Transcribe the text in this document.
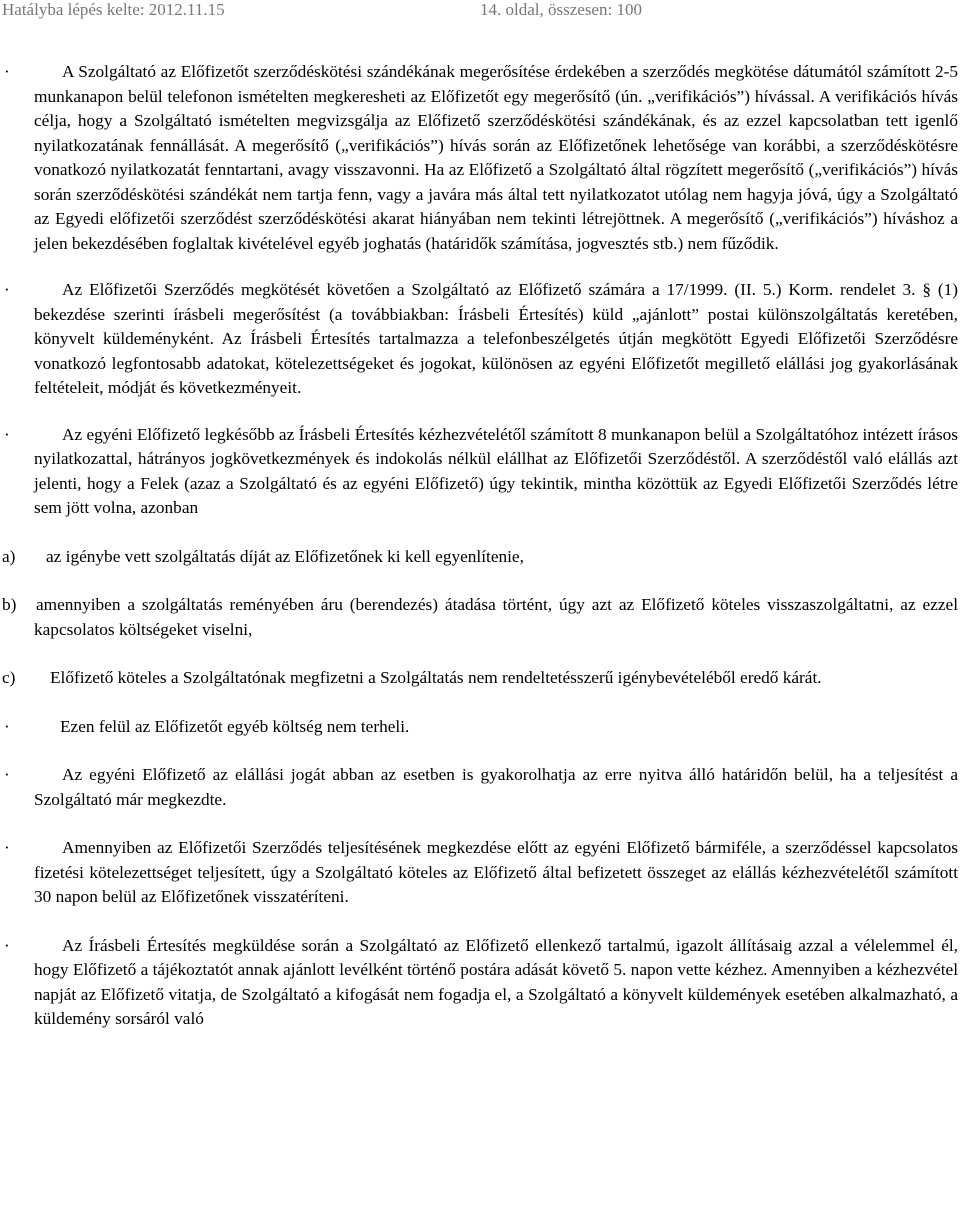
Hatályba lépés kelte: 2012.11.15	14. oldal, összesen: 100

·	A Szolgáltató az Előfizetőt szerződéskötési szándékának megerősítése érdekében a szerződés megkötése dátumától számított 2-5 munkanapon belül telefonon ismételten megkeresheti az Előfizetőt egy megerősítő (ún. „verifikációs”) hívással. A verifikációs hívás célja, hogy a Szolgáltató ismételten megvizsgálja az Előfizető szerződéskötési szándékának, és az ezzel kapcsolatban tett igenlő nyilatkozatának fennállását. A megerősítő („verifikációs”) hívás során az Előfizetőnek lehetősége van korábbi, a szerződéskötésre vonatkozó nyilatkozatát fenntartani, avagy visszavonni. Ha az Előfizető a Szolgáltató által rögzített megerősítő („verifikációs”) hívás során szerződéskötési szándékát nem tartja fenn, vagy a javára más által tett nyilatkozatot utólag nem hagyja jóvá, úgy a Szolgáltató az Egyedi előfizetői szerződést szerződéskötési akarat hiányában nem tekinti létrejöttnek. A megerősítő („verifikációs”) híváshoz a jelen bekezdésében foglaltak kivételével egyéb joghatás (határidők számítása, jogvesztés stb.) nem fűződik.

·	Az Előfizetői Szerződés megkötését követően a Szolgáltató az Előfizető számára a 17/1999. (II. 5.) Korm. rendelet 3. § (1) bekezdése szerinti írásbeli megerősítést (a továbbiakban: Írásbeli Értesítés) küld „ajánlott” postai különszolgáltatás keretében, könyvelt küldeményként. Az Írásbeli Értesítés tartalmazza a telefonbeszélgetés útján megkötött Egyedi Előfizetői Szerződésre vonatkozó legfontosabb adatokat, kötelezettségeket és jogokat, különösen az egyéni Előfizetőt megillető elállási jog gyakorlásának feltételeit, módját és következményeit.

·	Az egyéni Előfizető legkésőbb az Írásbeli Értesítés kézhezvételétől számított 8 munkanapon belül a Szolgáltatóhoz intézett írásos nyilatkozattal, hátrányos jogkövetkezmények és indokolás nélkül elállhat az Előfizetői Szerződéstől. A szerződéstől való elállás azt jelenti, hogy a Felek (azaz a Szolgáltató és az egyéni Előfizető) úgy tekintik, mintha közöttük az Egyedi Előfizetői Szerződés létre sem jött volna, azonban

a) az igénybe vett szolgáltatás díját az Előfizetőnek ki kell egyenlítenie,

b) amennyiben a szolgáltatás reményében áru (berendezés) átadása történt, úgy azt az Előfizető köteles visszaszolgáltatni, az ezzel kapcsolatos költségeket viselni,

c) Előfizető köteles a Szolgáltatónak megfizetni a Szolgáltatás nem rendeltetésszerű igénybevételéből eredő kárát.

·	Ezen felül az Előfizetőt egyéb költség nem terheli.

·	Az egyéni Előfizető az elállási jogát abban az esetben is gyakorolhatja az erre nyitva álló határidőn belül, ha a teljesítést a Szolgáltató már megkezdte.

·	Amennyiben az Előfizetői Szerződés teljesítésének megkezdése előtt az egyéni Előfizető bármiféle, a szerződéssel kapcsolatos fizetési kötelezettséget teljesített, úgy a Szolgáltató köteles az Előfizető által befizetett összeget az elállás kézhezvételétől számított 30 napon belül az Előfizetőnek visszatéríteni.

·	Az Írásbeli Értesítés megküldése során a Szolgáltató az Előfizető ellenkező tartalmú, igazolt állításaig azzal a vélelemmel él, hogy Előfizető a tájékoztatót annak ajánlott levélként történő postára adását követő 5. napon vette kézhez. Amennyiben a kézhezvétel napját az Előfizető vitatja, de Szolgáltató a kifogását nem fogadja el, a Szolgáltató a könyvelt küldemények esetében alkalmazható, a küldemény sorsáról való
